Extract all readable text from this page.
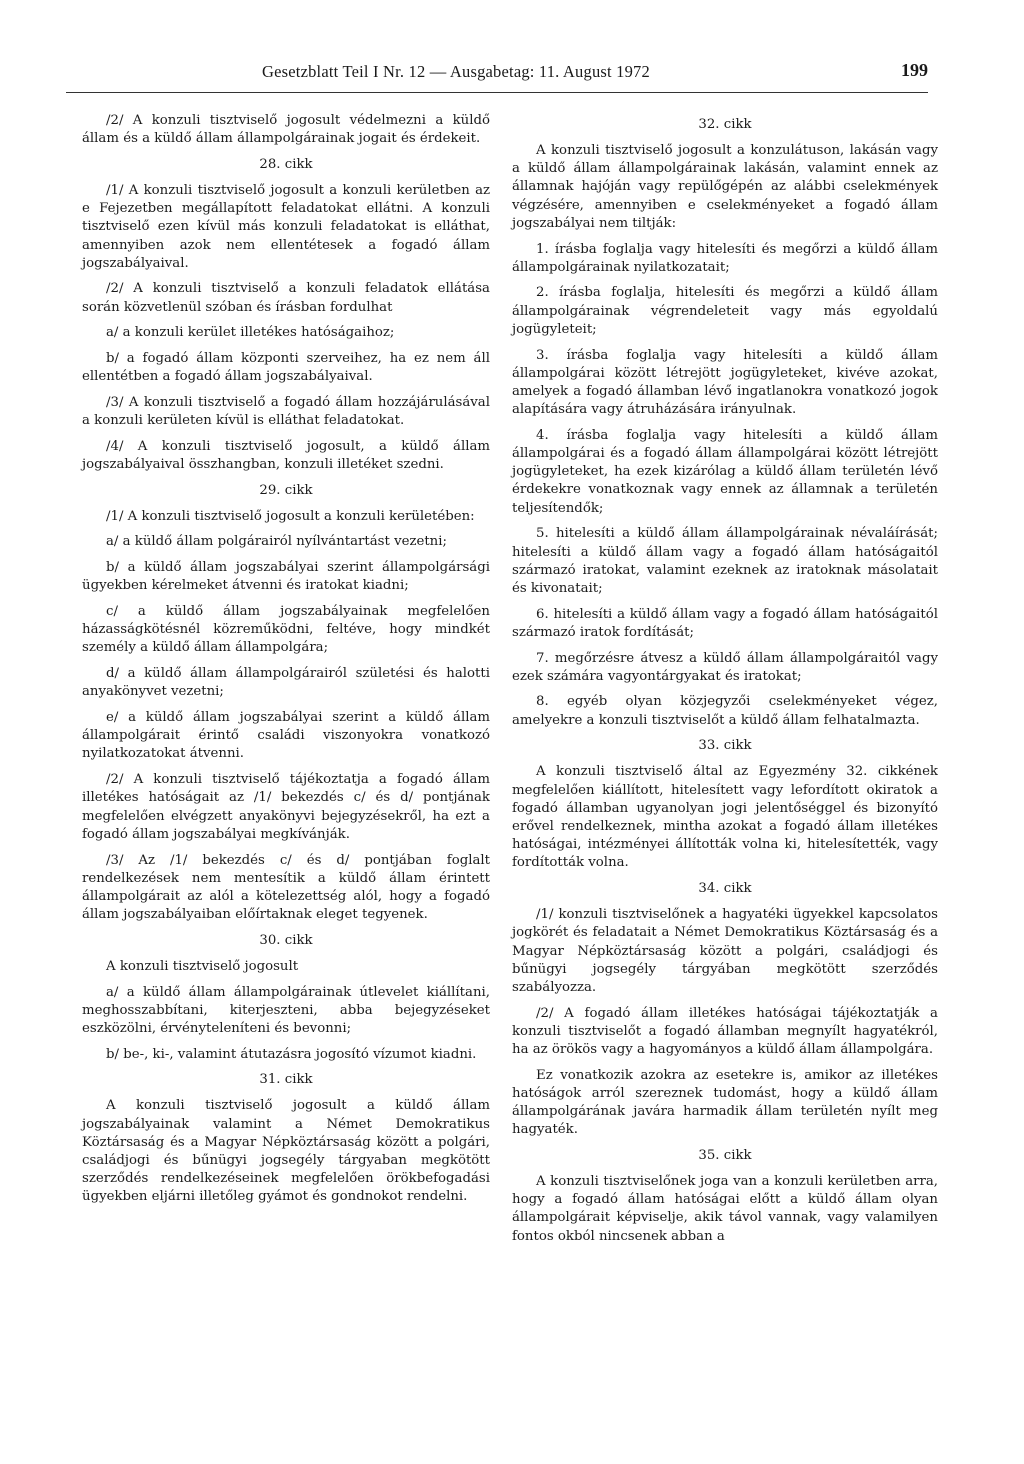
Gesetzblatt Teil I Nr. 12 — Ausgabetag: 11. August 1972	199

/2/ A konzuli tisztviselő jogosult védelmezni a küldő állam és a küldő állam állampolgárainak jogait és érdekeit.

28. cikk

/1/ A konzuli tisztviselő jogosult a konzuli kerületben az e Fejezetben megállapított feladatokat ellátni. A konzuli tisztviselő ezen kívül más konzuli feladatokat is elláthat, amennyiben azok nem ellentétesek a fogadó állam jogszabályaival.

/2/ A konzuli tisztviselő a konzuli feladatok ellátása során közvetlenül szóban és írásban fordulhat

a/ a konzuli kerület illetékes hatóságaihoz;

b/ a fogadó állam központi szerveihez, ha ez nem áll ellentétben a fogadó állam jogszabályaival.

/3/ A konzuli tisztviselő a fogadó állam hozzájárulásával a konzuli kerületen kívül is elláthat feladatokat.

/4/ A konzuli tisztviselő jogosult, a küldő állam jogszabályaival összhangban, konzuli illetéket szedni.

29. cikk

/1/ A konzuli tisztviselő jogosult a konzuli kerületében:

a/ a küldő állam polgárairól nyílvántartást vezetni;

b/ a küldő állam jogszabályai szerint állampolgársági ügyekben kérelmeket átvenni és iratokat kiadni;

c/ a küldő állam jogszabályainak megfelelően házasságkötésnél közreműködni, feltéve, hogy mindkét személy a küldő állam állampolgára;

d/ a küldő állam állampolgárairól születési és halotti anyakönyvet vezetni;

e/ a küldő állam jogszabályai szerint a küldő állam állampolgárait érintő családi viszonyokra vonatkozó nyilatkozatokat átvenni.

/2/ A konzuli tisztviselő tájékoztatja a fogadó állam illetékes hatóságait az /1/ bekezdés c/ és d/ pontjának megfelelően elvégzett anyakönyvi bejegyzésekről, ha ezt a fogadó állam jogszabályai megkívánják.

/3/ Az /1/ bekezdés c/ és d/ pontjában foglalt rendelkezések nem mentesítik a küldő állam érintett állampolgárait az alól a kötelezettség alól, hogy a fogadó állam jogszabályaiban előírtaknak eleget tegyenek.

30. cikk

A konzuli tisztviselő jogosult

a/ a küldő állam állampolgárainak útlevelet kiállítani, meghosszabbítani, kiterjeszteni, abba bejegyzéseket eszközölni, érvényteleníteni és bevonni;

b/ be-, ki-, valamint átutazásra jogosító vízumot kiadni.

31. cikk

A konzuli tisztviselő jogosult a küldő állam jogszabályainak valamint a Német Demokratikus Köztársaság és a Magyar Népköztársaság között a polgári, családjogi és bűnügyi jogsegély tárgyaban megkötött szerződés rendelkezéseinek megfelelően örökbefogadási ügyekben eljárni illetőleg gyámot és gondnokot rendelni.

32. cikk

A konzuli tisztviselő jogosult a konzulátuson, lakásán vagy a küldő állam állampolgárainak lakásán, valamint ennek az államnak hajóján vagy repülőgépén az alábbi cselekmények végzésére, amennyiben e cselekményeket a fogadó állam jogszabályai nem tiltják:

1. írásba foglalja vagy hitelesíti és megőrzi a küldő állam állampolgárainak nyilatkozatait;

2. írásba foglalja, hitelesíti és megőrzi a küldő állam állampolgárainak végrendeleteit vagy más egyoldalú jogügyleteit;

3. írásba foglalja vagy hitelesíti a küldő állam állampolgárai között létrejött jogügyleteket, kivéve azokat, amelyek a fogadó államban lévő ingatlanokra vonatkozó jogok alapítására vagy átruházására irányulnak.

4. írásba foglalja vagy hitelesíti a küldő állam állampolgárai és a fogadó állam állampolgárai között létrejött jogügyleteket, ha ezek kizárólag a küldő állam területén lévő érdekekre vonatkoznak vagy ennek az államnak a területén teljesítendők;

5. hitelesíti a küldő állam állampolgárainak névaláírását; hitelesíti a küldő állam vagy a fogadó állam hatóságaitól származó iratokat, valamint ezeknek az iratoknak másolatait és kivonatait;

6. hitelesíti a küldő állam vagy a fogadó állam hatóságaitól származó iratok fordítását;

7. megőrzésre átvesz a küldő állam állampolgáraitól vagy ezek számára vagyontárgyakat és iratokat;

8. egyéb olyan közjegyzői cselekményeket végez, amelyekre a konzuli tisztviselőt a küldő állam felhatalmazta.

33. cikk

A konzuli tisztviselő által az Egyezmény 32. cikkének megfelelően kiállított, hitelesített vagy lefordított okiratok a fogadó államban ugyanolyan jogi jelentőséggel és bizonyító erővel rendelkeznek, mintha azokat a fogadó állam illetékes hatóságai, intézményei állították volna ki, hitelesítették, vagy fordították volna.

34. cikk

/1/ konzuli tisztviselőnek a hagyatéki ügyekkel kapcsolatos jogkörét és feladatait a Német Demokratikus Köztársaság és a Magyar Népköztársaság között a polgári, családjogi és bűnügyi jogsegély tárgyában megkötött szerződés szabályozza.

/2/ A fogadó állam illetékes hatóságai tájékoztatják a konzuli tisztviselőt a fogadó államban megnyílt hagyatékról, ha az örökös vagy a hagyományos a küldő állam állampolgára.

Ez vonatkozik azokra az esetekre is, amikor az illetékes hatóságok arról szereznek tudomást, hogy a küldő állam állampolgárának javára harmadik állam területén nyílt meg hagyaték.

35. cikk

A konzuli tisztviselőnek joga van a konzuli kerületben arra, hogy a fogadó állam hatóságai előtt a küldő állam olyan állampolgárait képviselje, akik távol vannak, vagy valamilyen fontos okból nincsenek abban a
